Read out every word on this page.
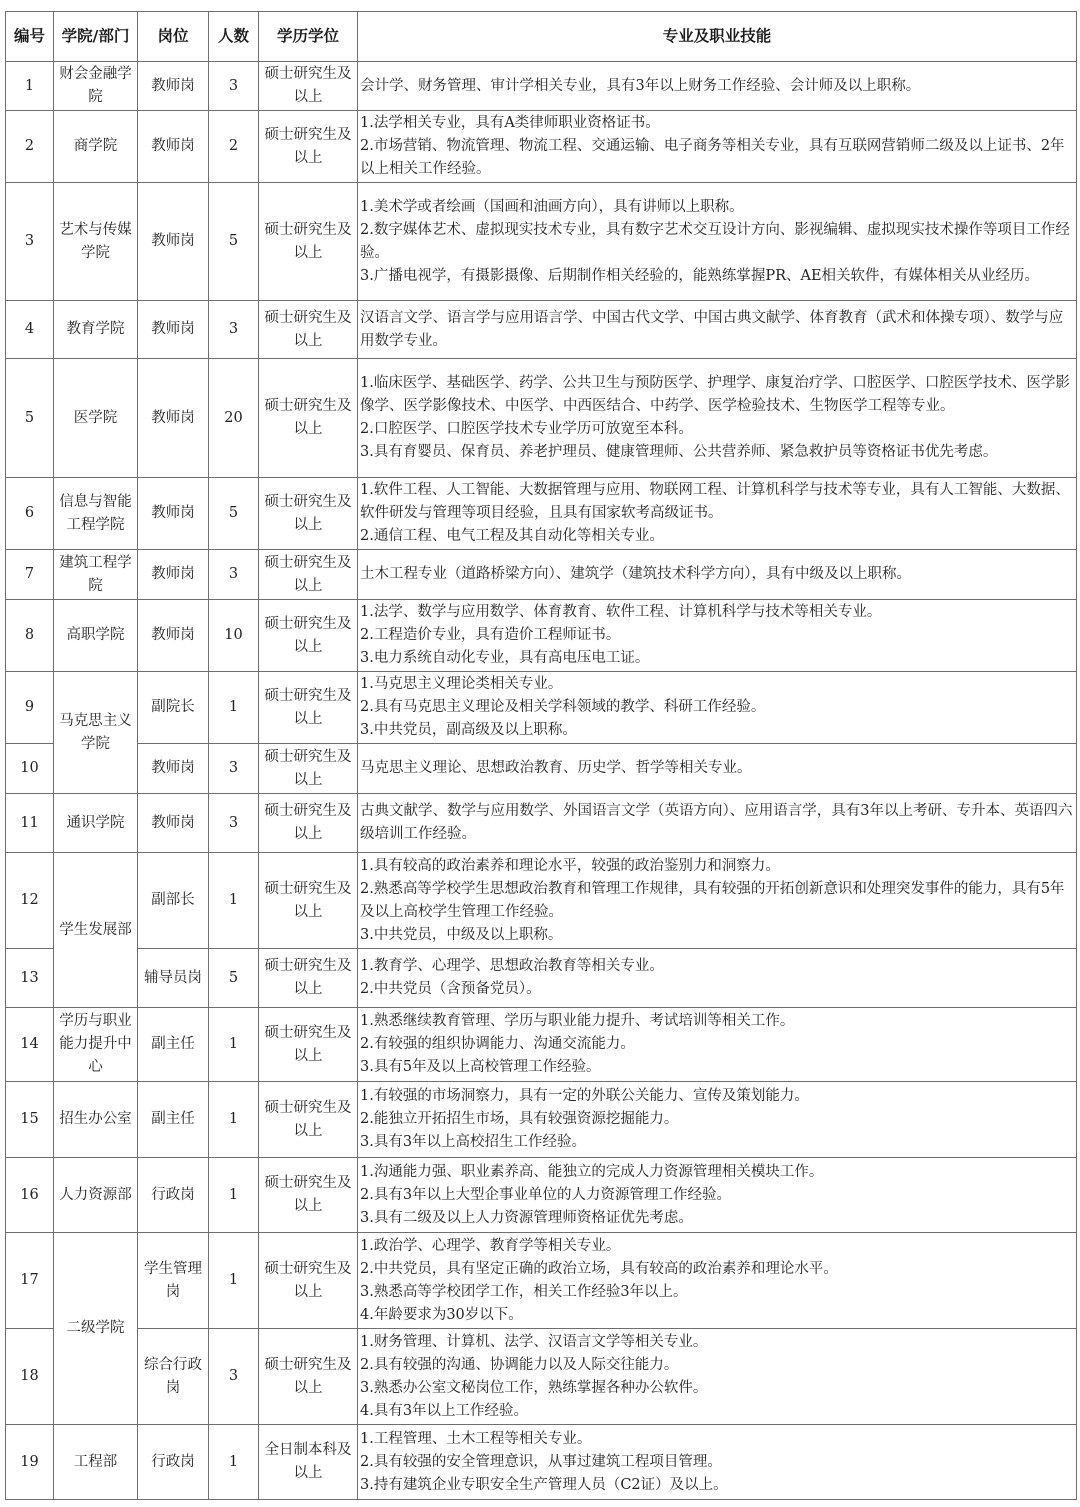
编号	学院/部门	岗位	人数	学历学位	专业及职业技能
1	财会金融学院	教师岗	3	硕士研究生及以上	会计学、财务管理、审计学相关专业，具有3年以上财务工作经验、会计师及以上职称。

2	商学院	教师岗	2	硕士研究生及以上	1.法学相关专业，具有A类律师职业资格证书。
2.市场营销、物流管理、物流工程、交通运输、电子商务等相关专业，具有互联网营销师二级及以上证书、2年以上相关工作经验。

3	艺术与传媒学院	教师岗	5	硕士研究生及以上	1.美术学或者绘画（国画和油画方向），具有讲师以上职称。
2.数字媒体艺术、虚拟现实技术专业，具有数字艺术交互设计方向、影视编辑、虚拟现实技术操作等项目工作经验。
3.广播电视学，有摄影摄像、后期制作相关经验的，能熟练掌握PR、AE相关软件，有媒体相关从业经历。

4	教育学院	教师岗	3	硕士研究生及以上	汉语言文学、语言学与应用语言学、中国古代文学、中国古典文献学、体育教育（武术和体操专项）、数学与应用数学专业。

5	医学院	教师岗	20	硕士研究生及以上	1.临床医学、基础医学、药学、公共卫生与预防医学、护理学、康复治疗学、口腔医学、口腔医学技术、医学影像学、医学影像技术、中医学、中西医结合、中药学、医学检验技术、生物医学工程等专业。
2.口腔医学、口腔医学技术专业学历可放宽至本科。
3.具有育婴员、保育员、养老护理员、健康管理师、公共营养师、紧急救护员等资格证书优先考虑。

6	信息与智能工程学院	教师岗	5	硕士研究生及以上	1.软件工程、人工智能、大数据管理与应用、物联网工程、计算机科学与技术等专业，具有人工智能、大数据、软件研发与管理等项目经验，且具有国家软考高级证书。
2.通信工程、电气工程及其自动化等相关专业。

7	建筑工程学院	教师岗	3	硕士研究生及以上	土木工程专业（道路桥梁方向）、建筑学（建筑技术科学方向），具有中级及以上职称。

8	高职学院	教师岗	10	硕士研究生及以上	1.法学、数学与应用数学、体育教育、软件工程、计算机科学与技术等相关专业。
2.工程造价专业，具有造价工程师证书。
3.电力系统自动化专业，具有高电压电工证。

9	马克思主义学院	副院长	1	硕士研究生及以上	1.马克思主义理论类相关专业。
2.具有马克思主义理论及相关学科领域的教学、科研工作经验。
3.中共党员，副高级及以上职称。

10		教师岗	3	硕士研究生及以上	马克思主义理论、思想政治教育、历史学、哲学等相关专业。

11	通识学院	教师岗	3	硕士研究生及以上	古典文献学、数学与应用数学、外国语言文学（英语方向）、应用语言学，具有3年以上考研、专升本、英语四六级培训工作经验。

12	学生发展部	副部长	1	硕士研究生及以上	1.具有较高的政治素养和理论水平，较强的政治鉴别力和洞察力。
2.熟悉高等学校学生思想政治教育和管理工作规律，具有较强的开拓创新意识和处理突发事件的能力，具有5年及以上高校学生管理工作经验。
3.中共党员，中级及以上职称。

13		辅导员岗	5	硕士研究生及以上	1.教育学、心理学、思想政治教育等相关专业。
2.中共党员（含预备党员）。

14	学历与职业能力提升中心	副主任	1	硕士研究生及以上	1.熟悉继续教育管理、学历与职业能力提升、考试培训等相关工作。
2.有较强的组织协调能力、沟通交流能力。
3.具有5年及以上高校管理工作经验。

15	招生办公室	副主任	1	硕士研究生及以上	1.有较强的市场洞察力，具有一定的外联公关能力、宣传及策划能力。
2.能独立开拓招生市场，具有较强资源挖掘能力。
3.具有3年以上高校招生工作经验。

16	人力资源部	行政岗	1	硕士研究生及以上	1.沟通能力强、职业素养高、能独立的完成人力资源管理相关模块工作。
2.具有3年以上大型企事业单位的人力资源管理工作经验。
3.具有二级及以上人力资源管理师资格证优先考虑。

17	二级学院	学生管理岗	1	硕士研究生及以上	1.政治学、心理学、教育学等相关专业。
2.中共党员，具有坚定正确的政治立场，具有较高的政治素养和理论水平。
3.熟悉高等学校团学工作，相关工作经验3年以上。
4.年龄要求为30岁以下。

18		综合行政岗	3	硕士研究生及以上	1.财务管理、计算机、法学、汉语言文学等相关专业。
2.具有较强的沟通、协调能力以及人际交往能力。
3.熟悉办公室文秘岗位工作，熟练掌握各种办公软件。
4.具有3年以上工作经验。

19	工程部	行政岗	1	全日制本科及以上	1.工程管理、土木工程等相关专业。
2.具有较强的安全管理意识，从事过建筑工程项目管理。
3.持有建筑企业专职安全生产管理人员（C2证）及以上。
